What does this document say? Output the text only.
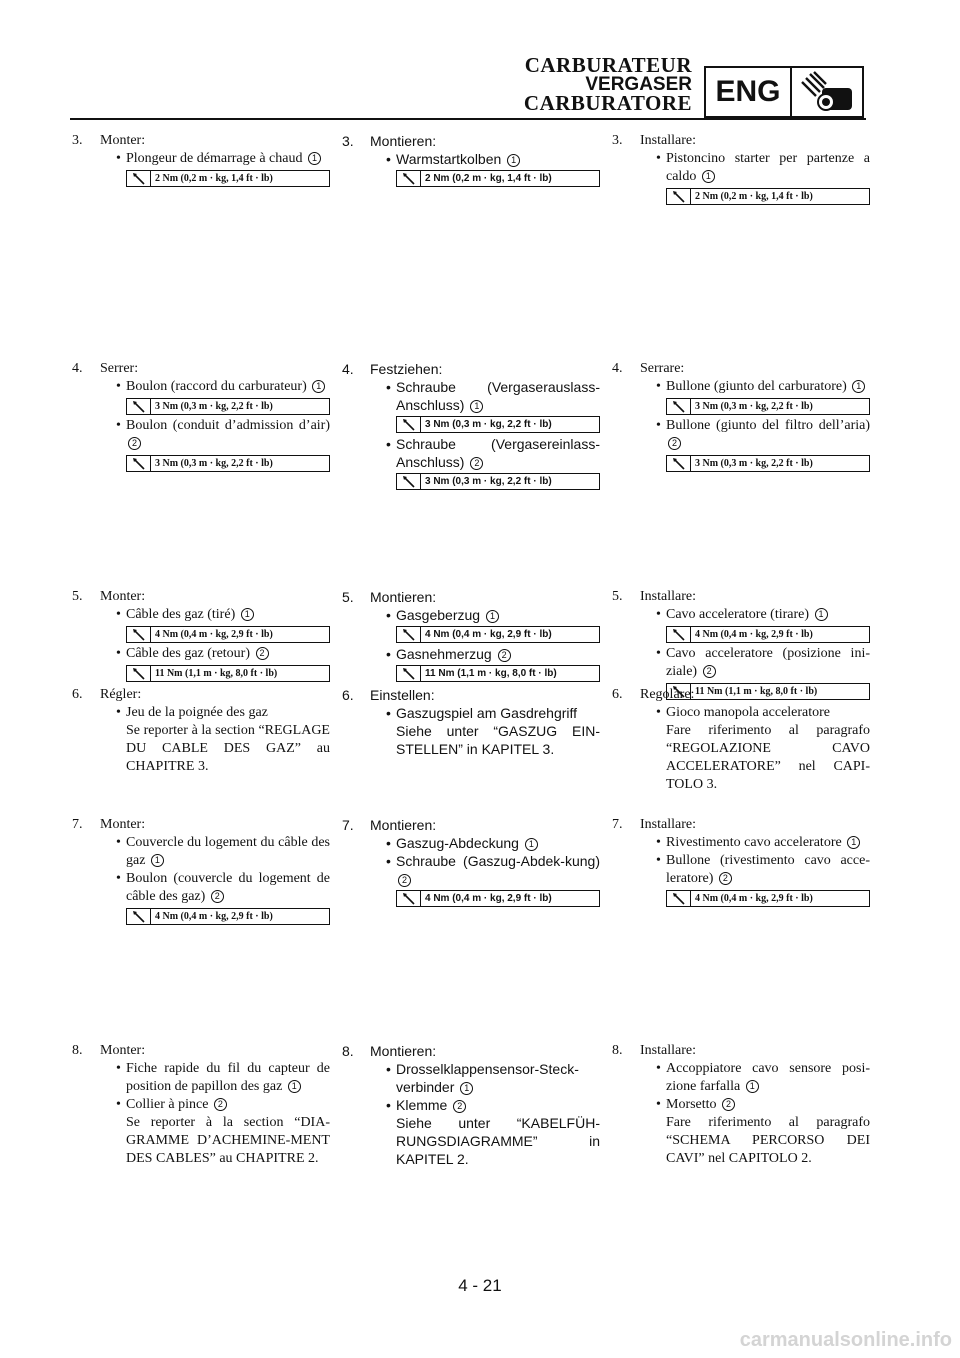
CARBURATEUR
VERGASER
CARBURATORE ENG
3. Monter:
• Plongeur de démarrage à chaud 1
2 Nm (0,2 m · kg, 1,4 ft · lb)
4. Serrer:
• Boulon (raccord du carburateur) 1
3 Nm (0,3 m · kg, 2,2 ft · lb)
• Boulon (conduit d’admission d’air) 2
3 Nm (0,3 m · kg, 2,2 ft · lb)
5. Monter:
• Câble des gaz (tiré) 1
4 Nm (0,4 m · kg, 2,9 ft · lb)
• Câble des gaz (retour) 2
11 Nm (1,1 m · kg, 8,0 ft · lb)
6. Régler:
• Jeu de la poignée des gaz
Se reporter à la section “REGLAGE DU CABLE DES GAZ” au CHAPITRE 3.
7. Monter:
• Couvercle du logement du câble des gaz 1
• Boulon (couvercle du logement de câble des gaz) 2
4 Nm (0,4 m · kg, 2,9 ft · lb)
8. Monter:
• Fiche rapide du fil du capteur de position de papillon des gaz 1
• Collier à pince 2
Se reporter à la section “DIA-GRAMME D’ACHEMINE-MENT DES CABLES” au CHAPITRE 2.
3. Montieren:
• Warmstartkolben 1
2 Nm (0,2 m · kg, 1,4 ft · lb)
4. Festziehen:
• Schraube (Vergaserauslass-Anschluss) 1
3 Nm (0,3 m · kg, 2,2 ft · lb)
• Schraube (Vergasereinlass-Anschluss) 2
3 Nm (0,3 m · kg, 2,2 ft · lb)
5. Montieren:
• Gasgeberzug 1
4 Nm (0,4 m · kg, 2,9 ft · lb)
• Gasnehmerzug 2
11 Nm (1,1 m · kg, 8,0 ft · lb)
6. Einstellen:
• Gaszugspiel am Gasdrehgriff
Siehe unter “GASZUG EIN-STELLEN” in KAPITEL 3.
7. Montieren:
• Gaszug-Abdeckung 1
• Schraube (Gaszug-Abdek-kung) 2
4 Nm (0,4 m · kg, 2,9 ft · lb)
8. Montieren:
• Drosselklappensensor-Steck-verbinder 1
• Klemme 2
Siehe unter “KABELFÜH-RUNGSDIAGRAMME” in KAPITEL 2.
3. Installare:
• Pistoncino starter per partenze a caldo 1
2 Nm (0,2 m · kg, 1,4 ft · lb)
4. Serrare:
• Bullone (giunto del carburatore) 1
3 Nm (0,3 m · kg, 2,2 ft · lb)
• Bullone (giunto del filtro dell’aria) 2
3 Nm (0,3 m · kg, 2,2 ft · lb)
5. Installare:
• Cavo acceleratore (tirare) 1
4 Nm (0,4 m · kg, 2,9 ft · lb)
• Cavo acceleratore (posizione ini-ziale) 2
11 Nm (1,1 m · kg, 8,0 ft · lb)
6. Regolare:
• Gioco manopola acceleratore
Fare riferimento al paragrafo “REGOLAZIONE CAVO ACCELERATORE” nel CAPI-TOLO 3.
7. Installare:
• Rivestimento cavo acceleratore 1
• Bullone (rivestimento cavo acce-leratore) 2
4 Nm (0,4 m · kg, 2,9 ft · lb)
8. Installare:
• Accoppiatore cavo sensore posi-zione farfalla 1
• Morsetto 2
Fare riferimento al paragrafo “SCHEMA PERCORSO DEI CAVI” nel CAPITOLO 2.
4 - 21
carmanualsonline.info
